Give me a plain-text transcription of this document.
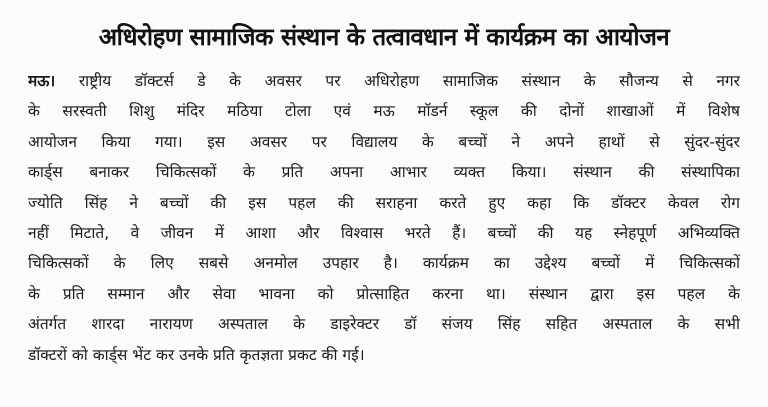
अधिरोहण सामाजिक संस्थान के तत्वावधान में कार्यक्रम का आयोजन
मऊ। राष्ट्रीय डॉक्टर्स डे के अवसर पर अधिरोहण सामाजिक संस्थान के सौजन्य से नगर
के सरस्वती शिशु मंदिर मठिया टोला एवं मऊ मॉडर्न स्कूल की दोनों शाखाओं में विशेष
आयोजन किया गया। इस अवसर पर विद्यालय के बच्चों ने अपने हाथों से सुंदर-सुंदर
कार्ड्स बनाकर चिकित्सकों के प्रति अपना आभार व्यक्त किया। संस्थान की संस्थापिका
ज्योति सिंह ने बच्चों की इस पहल की सराहना करते हुए कहा कि डॉक्टर केवल रोग
नहीं मिटाते, वे जीवन में आशा और विश्वास भरते हैं। बच्चों की यह स्नेहपूर्ण अभिव्यक्ति
चिकित्सकों के लिए सबसे अनमोल उपहार है। कार्यक्रम का उद्देश्य बच्चों में चिकित्सकों
के प्रति सम्मान और सेवा भावना को प्रोत्साहित करना था। संस्थान द्वारा इस पहल के
अंतर्गत शारदा नारायण अस्पताल के डाइरेक्टर डॉ संजय सिंह सहित अस्पताल के सभी
डॉक्टरों को कार्ड्स भेंट कर उनके प्रति कृतज्ञता प्रकट की गई।
